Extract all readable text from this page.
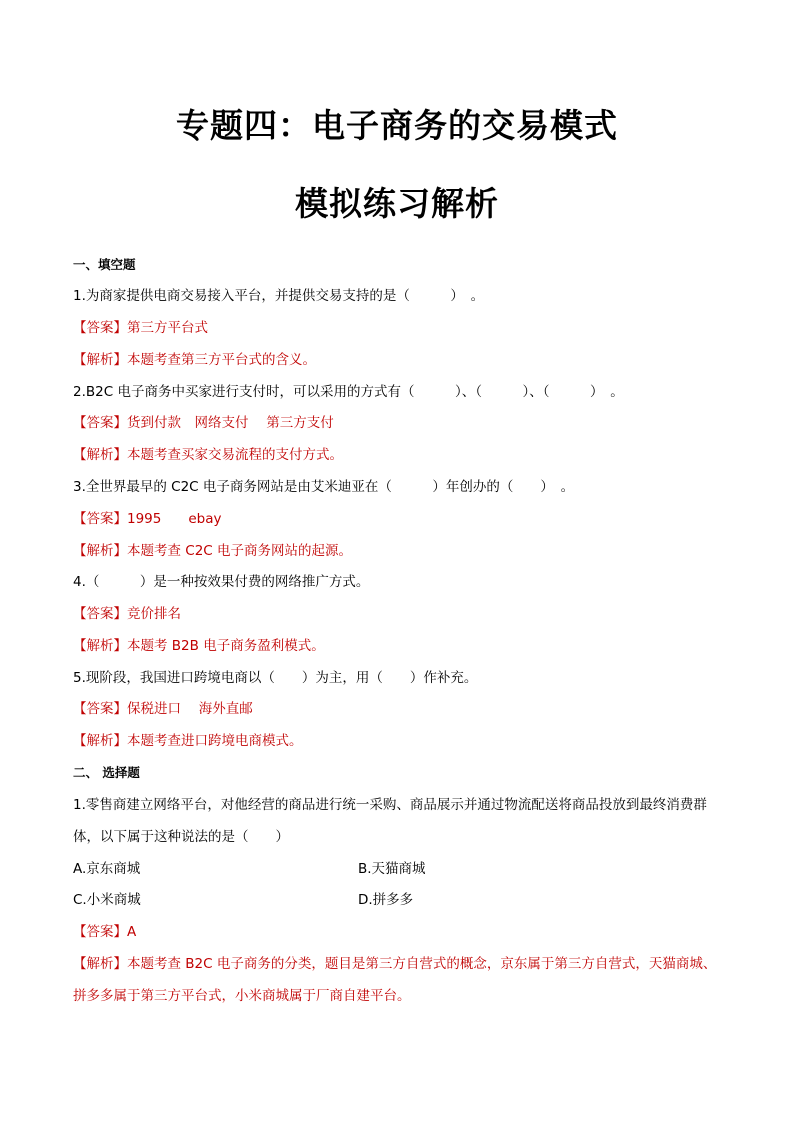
专题四：电子商务的交易模式
模拟练习解析
一、填空题
1.为商家提供电商交易接入平台，并提供交易支持的是（　　　）　。
【答案】第三方平台式
【解析】本题考查第三方平台式的含义。
2.B2C 电子商务中买家进行支付时，可以采用的方式有（　　　）、（　　　）、（　　　）　。
【答案】货到付款　网络支付　 第三方支付
【解析】本题考查买家交易流程的支付方式。
3.全世界最早的 C2C 电子商务网站是由艾米迪亚在（　　　）年创办的（　　）　。
【答案】1995　　ebay
【解析】本题考查 C2C 电子商务网站的起源。
4.（　　　）是一种按效果付费的网络推广方式。
【答案】竞价排名
【解析】本题考 B2B 电子商务盈利模式。
5.现阶段，我国进口跨境电商以（　　）为主，用（　　）作补充。
【答案】保税进口　 海外直邮
【解析】本题考查进口跨境电商模式。
二、 选择题
1.零售商建立网络平台，对他经营的商品进行统一采购、商品展示并通过物流配送将商品投放到最终消费群
体，以下属于这种说法的是（　　）
A.京东商城	B.天猫商城
C.小米商城	D.拼多多
【答案】A
【解析】本题考查 B2C 电子商务的分类，题目是第三方自营式的概念，京东属于第三方自营式，天猫商城、
拼多多属于第三方平台式，小米商城属于厂商自建平台。
